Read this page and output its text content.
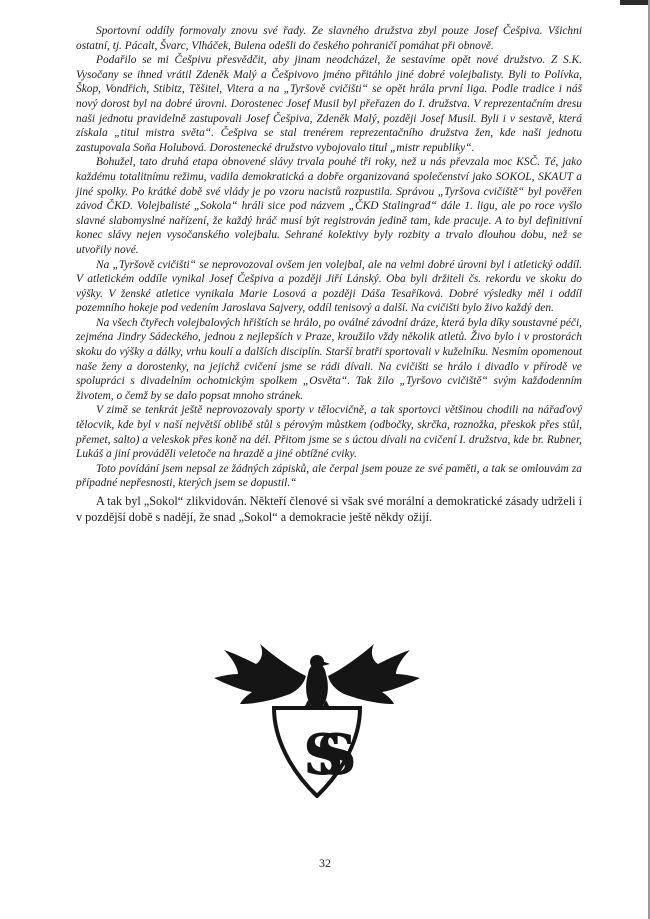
Sportovní oddíly formovaly znovu své řady. Ze slavného družstva zbyl pouze Josef Češpiva. Všichni ostatní, tj. Pácalt, Švarc, Vlháček, Bulena odešli do českého pohraničí pomáhat při obnově.

Podařilo se mi Češpivu přesvědčit, aby jinam neodcházel, že sestavíme opět nové družstvo. Z S.K. Vysočany se ihned vrátil Zdeněk Malý a Češpivovo jméno přitáhlo jiné dobré volejbalisty. Byli to Polívka, Škop, Vondřich, Stibitz, Těšitel, Vitera a na „Tyršově cvičišti“ se opět hrála první liga. Podle tradice i náš nový dorost byl na dobré úrovni. Dorostenec Josef Musil byl přeřazen do I. družstva. V reprezentačním dresu naši jednotu pravidelně zastupovali Josef Češpiva, Zdeněk Malý, později Josef Musil. Byli i v sestavě, která získala „titul mistra světa“. Češpiva se stal trenérem reprezentačního družstva žen, kde naši jednotu zastupovala Soňa Holubová. Dorostenecké družstvo vybojovalo titul „mistr republiky“.

Bohužel, tato druhá etapa obnovené slávy trvala pouhé tři roky, než u nás převzala moc KSČ. Té, jako každému totalitnímu režimu, vadila demokratická a dobře organizovaná společenství jako SOKOL, SKAUT a jiné spolky. Po krátké době své vlády je po vzoru nacistů rozpustila. Správou „Tyršova cvičiště“ byl pověřen závod ČKD. Volejbalisté „Sokola“ hráli sice pod názvem „ČKD Stalingrad“ dále 1. ligu, ale po roce vyšlo slavné slabomyslné nařízení, že každý hráč musí být registrován jedině tam, kde pracuje. A to byl definitivní konec slávy nejen vysočanského volejbalu. Sehrané kolektivy byly rozbity a trvalo dlouhou dobu, než se utvořily nové.

Na „Tyršově cvičišti“ se neprovozoval ovšem jen volejbal, ale na velmi dobré úrovni byl i atletický oddíl. V atletickém oddíle vynikal Josef Češpiva a později Jiří Lánský. Oba byli držiteli čs. rekordu ve skoku do výšky. V ženské atletice vynikala Marie Losová a později Dáša Tesaříková. Dobré výsledky měl i oddíl pozemního hokeje pod vedením Jaroslava Sajvery, oddíl tenisový a další. Na cvičišti bylo živo každý den.

Na všech čtyřech volejbalových hřištích se hrálo, po oválné závodní dráze, která byla díky soustavné péči, zejména Jindry Sádeckého, jednou z nejlepších v Praze, kroužilo vždy několik atletů. Živo bylo i v prostorách skoku do výšky a dálky, vrhu koulí a dalších disciplín. Starší bratři sportovali v kuželníku. Nesmím opomenout naše ženy a dorostenky, na jejichž cvičení jsme se rádi dívali. Na cvičišti se hrálo i divadlo v přírodě ve spolupráci s divadelním ochotnickým spolkem „Osvěta“. Tak žilo „Tyršovo cvičiště“ svým každodenním životem, o čemž by se dalo popsat mnoho stránek.

V zimě se tenkrát ještě neprovozovaly sporty v tělocvičně, a tak sportovci většinou chodili na nářaďový tělocvik, kde byl v naší největší oblibě stůl s pérovým můstkem (odbočky, skrčka, roznožka, přeskok přes stůl, přemet, salto) a veleskok přes koně na dél. Přitom jsme se s úctou dívali na cvičení I. družstva, kde br. Rubner, Lukáš a jiní prováděli veletoče na hrazdě a jiné obtížné cviky.

Toto povídání jsem nepsal ze žádných zápisků, ale čerpal jsem pouze ze své paměti, a tak se omlouvám za případné nepřesnosti, kterých jsem se dopustil.“

A tak byl „Sokol“ zlikvidován. Někteří členové si však své morální a demokratické zásady udrželi i v pozdější době s nadějí, že snad „Sokol“ a demokracie ještě někdy ožijí.

SS
32
